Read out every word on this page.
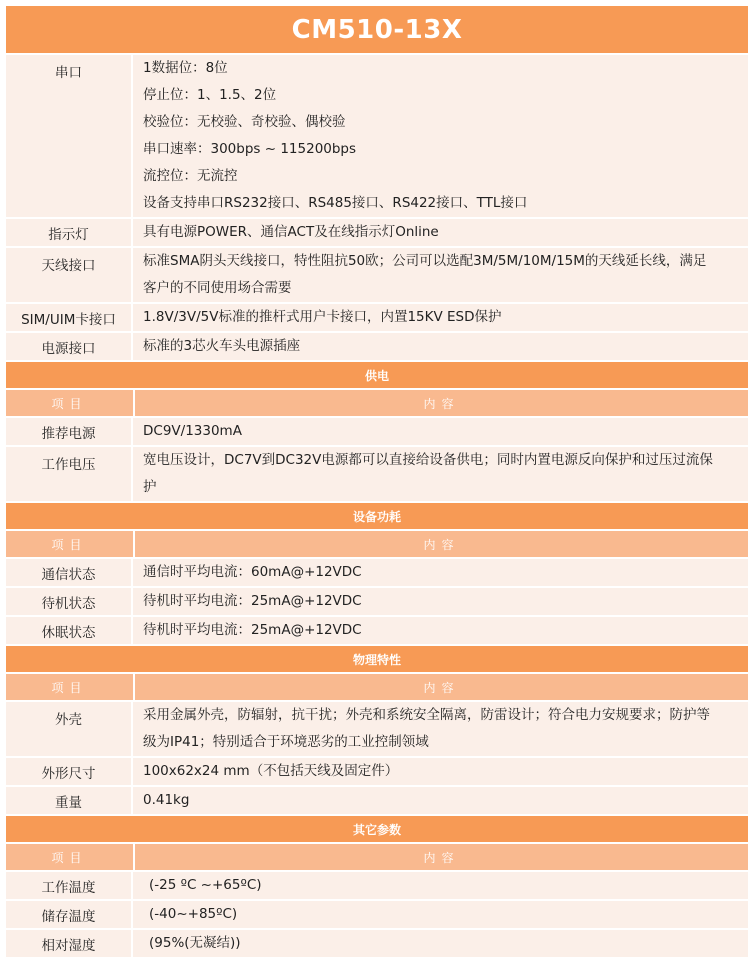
CM510-13X
串口	1数据位：8位
停止位：1、1.5、2位
校验位：无校验、奇校验、偶校验
串口速率：300bps ~ 115200bps
流控位：无流控
设备支持串口RS232接口、RS485接口、RS422接口、TTL接口
指示灯	具有电源POWER、通信ACT及在线指示灯Online
天线接口	标准SMA阴头天线接口，特性阻抗50欧；公司可以选配3M/5M/10M/15M的天线延长线，满足
客户的不同使用场合需要
SIM/UIM卡接口	1.8V/3V/5V标准的推杆式用户卡接口，内置15KV ESD保护
电源接口	标准的3芯火车头电源插座
供电
项目	内容
推荐电源	DC9V/1330mA
工作电压	宽电压设计，DC7V到DC32V电源都可以直接给设备供电；同时内置电源反向保护和过压过流保
护
设备功耗
项目	内容
通信状态	通信时平均电流：60mA@+12VDC
待机状态	待机时平均电流：25mA@+12VDC
休眠状态	待机时平均电流：25mA@+12VDC
物理特性
项目	内容
外壳	采用金属外壳，防辐射，抗干扰；外壳和系统安全隔离，防雷设计；符合电力安规要求；防护等
级为IP41；特别适合于环境恶劣的工业控制领域
外形尺寸	100x62x24 mm（不包括天线及固定件）
重量	0.41kg
其它参数
项目	内容
工作温度	(-25 ºC ~+65ºC)
储存温度	(-40~+85ºC)
相对湿度	(95%(无凝结))
